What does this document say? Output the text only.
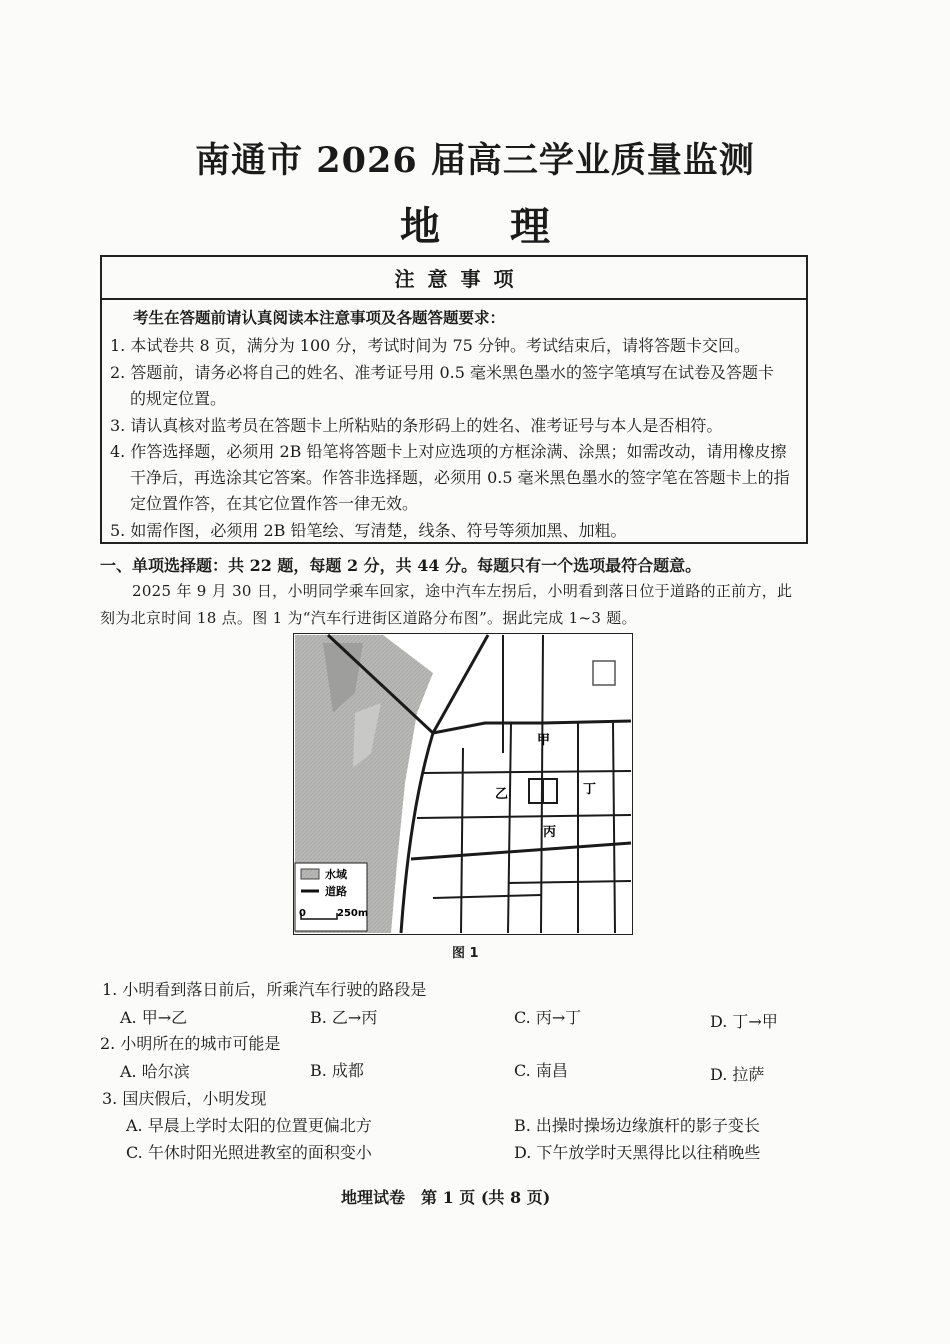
南通市 2026 届高三学业质量监测
地理
注意事项
考生在答题前请认真阅读本注意事项及各题答题要求：
1. 本试卷共 8 页，满分为 100 分，考试时间为 75 分钟。考试结束后，请将答题卡交回。
2. 答题前，请务必将自己的姓名、准考证号用 0.5 毫米黑色墨水的签字笔填写在试卷及答题卡
的规定位置。
3. 请认真核对监考员在答题卡上所粘贴的条形码上的姓名、准考证号与本人是否相符。
4. 作答选择题，必须用 2B 铅笔将答题卡上对应选项的方框涂满、涂黑；如需改动，请用橡皮擦
干净后，再选涂其它答案。作答非选择题，必须用 0.5 毫米黑色墨水的签字笔在答题卡上的指
定位置作答，在其它位置作答一律无效。
5. 如需作图，必须用 2B 铅笔绘、写清楚，线条、符号等须加黑、加粗。
一、单项选择题：共 22 题，每题 2 分，共 44 分。每题只有一个选项最符合题意。
2025 年 9 月 30 日，小明同学乘车回家，途中汽车左拐后，小明看到落日位于道路的正前方，此
刻为北京时间 18 点。图 1 为“汽车行进街区道路分布图”。据此完成 1~3 题。
甲
乙
丙
丁
水域
道路
0	250m
图 1
1. 小明看到落日前后，所乘汽车行驶的路段是
A. 甲→乙	B. 乙→丙	C. 丙→丁	D. 丁→甲
2. 小明所在的城市可能是
A. 哈尔滨	B. 成都	C. 南昌	D. 拉萨
3. 国庆假后，小明发现
A. 早晨上学时太阳的位置更偏北方	B. 出操时操场边缘旗杆的影子变长
C. 午休时阳光照进教室的面积变小	D. 下午放学时天黑得比以往稍晚些
地理试卷　第 1 页 (共 8 页)
